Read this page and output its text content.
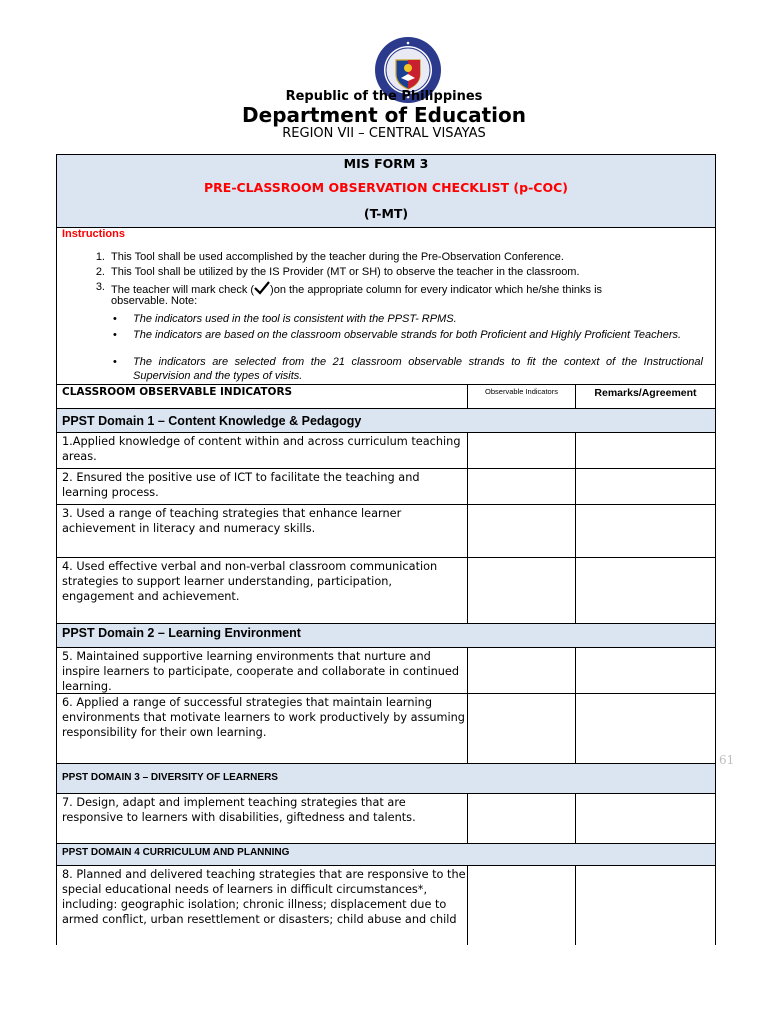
Republic of the Philippines

Department of Education

REGION VII – CENTRAL VISAYAS

MIS FORM 3
PRE-CLASSROOM OBSERVATION CHECKLIST (p-COC)
(T-MT)
Instructions
1. This Tool shall be used accomplished by the teacher during the Pre-Observation Conference.
2. This Tool shall be utilized by the IS Provider (MT or SH) to observe the teacher in the classroom.
3. The teacher will mark check ( )on the appropriate column for every indicator which he/she thinks is
observable. Note:
• The indicators used in the tool is consistent with the PPST- RPMS.
• The indicators are based on the classroom observable strands for both Proficient and Highly Proficient Teachers.
• The indicators are selected from the 21 classroom observable strands to fit the context of the Instructional Supervision and the types of visits.
CLASSROOM OBSERVABLE INDICATORS	Observable Indicators	Remarks/Agreement
PPST Domain 1 – Content Knowledge & Pedagogy
1.Applied knowledge of content within and across curriculum teaching areas.
2. Ensured the positive use of ICT to facilitate the teaching and learning process.
3. Used a range of teaching strategies that enhance learner achievement in literacy and numeracy skills.
4. Used effective verbal and non-verbal classroom communication strategies to support learner understanding, participation, engagement and achievement.
PPST Domain 2 – Learning Environment
5. Maintained supportive learning environments that nurture and inspire learners to participate, cooperate and collaborate in continued learning.
6. Applied a range of successful strategies that maintain learning environments that motivate learners to work productively by assuming responsibility for their own learning.
PPST DOMAIN 3 – DIVERSITY OF LEARNERS
7. Design, adapt and implement teaching strategies that are responsive to learners with disabilities, giftedness and talents.
PPST DOMAIN 4 CURRICULUM AND PLANNING
8. Planned and delivered teaching strategies that are responsive to the special educational needs of learners in difficult circumstances*, including: geographic isolation; chronic illness; displacement due to armed conflict, urban resettlement or disasters; child abuse and child
61
